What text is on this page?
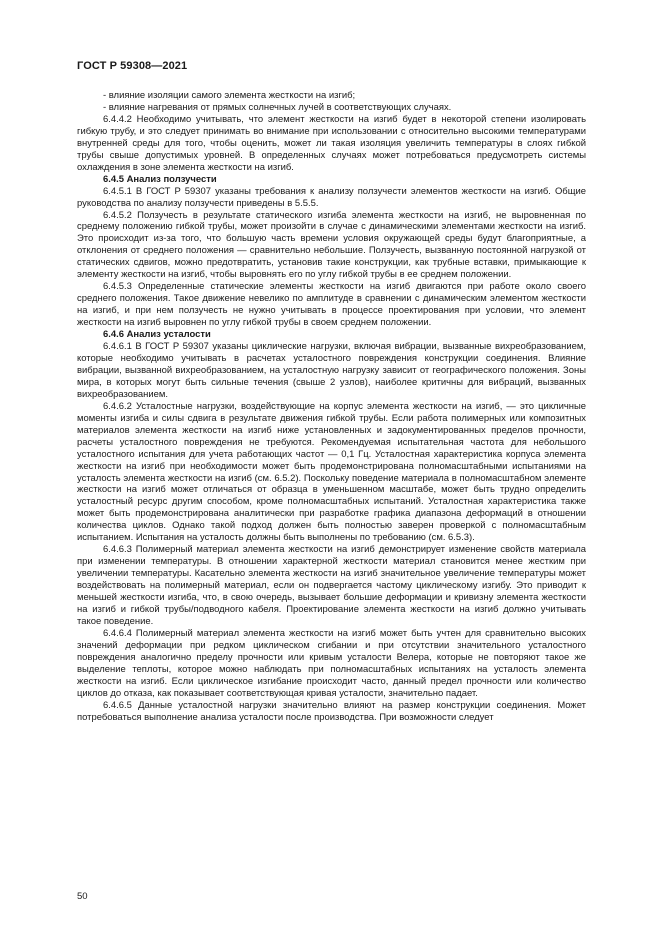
ГОСТ Р 59308—2021

- влияние изоляции самого элемента жесткости на изгиб;

- влияние нагревания от прямых солнечных лучей в соответствующих случаях.

6.4.4.2 Необходимо учитывать, что элемент жесткости на изгиб будет в некоторой степени изолировать гибкую трубу, и это следует принимать во внимание при использовании с относительно высокими температурами внутренней среды для того, чтобы оценить, может ли такая изоляция увеличить температуры в слоях гибкой трубы свыше допустимых уровней. В определенных случаях может потребоваться предусмотреть системы охлаждения в зоне элемента жесткости на изгиб.

6.4.5 Анализ ползучести

6.4.5.1 В ГОСТ Р 59307 указаны требования к анализу ползучести элементов жесткости на изгиб. Общие руководства по анализу ползучести приведены в 5.5.5.

6.4.5.2 Ползучесть в результате статического изгиба элемента жесткости на изгиб, не выровненная по среднему положению гибкой трубы, может произойти в случае с динамическими элементами жесткости на изгиб. Это происходит из-за того, что большую часть времени условия окружающей среды будут благоприятные, а отклонения от среднего положения — сравнительно небольшие. Ползучесть, вызванную постоянной нагрузкой от статических сдвигов, можно предотвратить, установив такие конструкции, как трубные вставки, примыкающие к элементу жесткости на изгиб, чтобы выровнять его по углу гибкой трубы в ее среднем положении.

6.4.5.3 Определенные статические элементы жесткости на изгиб двигаются при работе около своего среднего положения. Такое движение невелико по амплитуде в сравнении с динамическим элементом жесткости на изгиб, и при нем ползучесть не нужно учитывать в процессе проектирования при условии, что элемент жесткости на изгиб выровнен по углу гибкой трубы в своем среднем положении.

6.4.6 Анализ усталости

6.4.6.1 В ГОСТ Р 59307 указаны циклические нагрузки, включая вибрации, вызванные вихреобразованием, которые необходимо учитывать в расчетах усталостного повреждения конструкции соединения. Влияние вибрации, вызванной вихреобразованием, на усталостную нагрузку зависит от географического положения. Зоны мира, в которых могут быть сильные течения (свыше 2 узлов), наиболее критичны для вибраций, вызванных вихреобразованием.

6.4.6.2 Усталостные нагрузки, воздействующие на корпус элемента жесткости на изгиб, — это цикличные моменты изгиба и силы сдвига в результате движения гибкой трубы. Если работа полимерных или композитных материалов элемента жесткости на изгиб ниже установленных и задокументированных пределов прочности, расчеты усталостного повреждения не требуются. Рекомендуемая испытательная частота для небольшого усталостного испытания для учета работающих частот — 0,1 Гц. Усталостная характеристика корпуса элемента жесткости на изгиб при необходимости может быть продемонстрирована полномасштабными испытаниями на усталость элемента жесткости на изгиб (см. 6.5.2). Поскольку поведение материала в полномасштабном элементе жесткости на изгиб может отличаться от образца в уменьшенном масштабе, может быть трудно определить усталостный ресурс другим способом, кроме полномасштабных испытаний. Усталостная характеристика также может быть продемонстрирована аналитически при разработке графика диапазона деформаций в отношении количества циклов. Однако такой подход должен быть полностью заверен проверкой с полномасштабным испытанием. Испытания на усталость должны быть выполнены по требованию (см. 6.5.3).

6.4.6.3 Полимерный материал элемента жесткости на изгиб демонстрирует изменение свойств материала при изменении температуры. В отношении характерной жесткости материал становится менее жестким при увеличении температуры. Касательно элемента жесткости на изгиб значительное увеличение температуры может воздействовать на полимерный материал, если он подвергается частому циклическому изгибу. Это приводит к меньшей жесткости изгиба, что, в свою очередь, вызывает большие деформации и кривизну элемента жесткости на изгиб и гибкой трубы/подводного кабеля. Проектирование элемента жесткости на изгиб должно учитывать такое поведение.

6.4.6.4 Полимерный материал элемента жесткости на изгиб может быть учтен для сравнительно высоких значений деформации при редком циклическом сгибании и при отсутствии значительного усталостного повреждения аналогично пределу прочности или кривым усталости Велера, которые не повторяют такое же выделение теплоты, которое можно наблюдать при полномасштабных испытаниях на усталость элемента жесткости на изгиб. Если циклическое изгибание происходит часто, данный предел прочности или количество циклов до отказа, как показывает соответствующая кривая усталости, значительно падает.

6.4.6.5 Данные усталостной нагрузки значительно влияют на размер конструкции соединения. Может потребоваться выполнение анализа усталости после производства. При возможности следует

50
